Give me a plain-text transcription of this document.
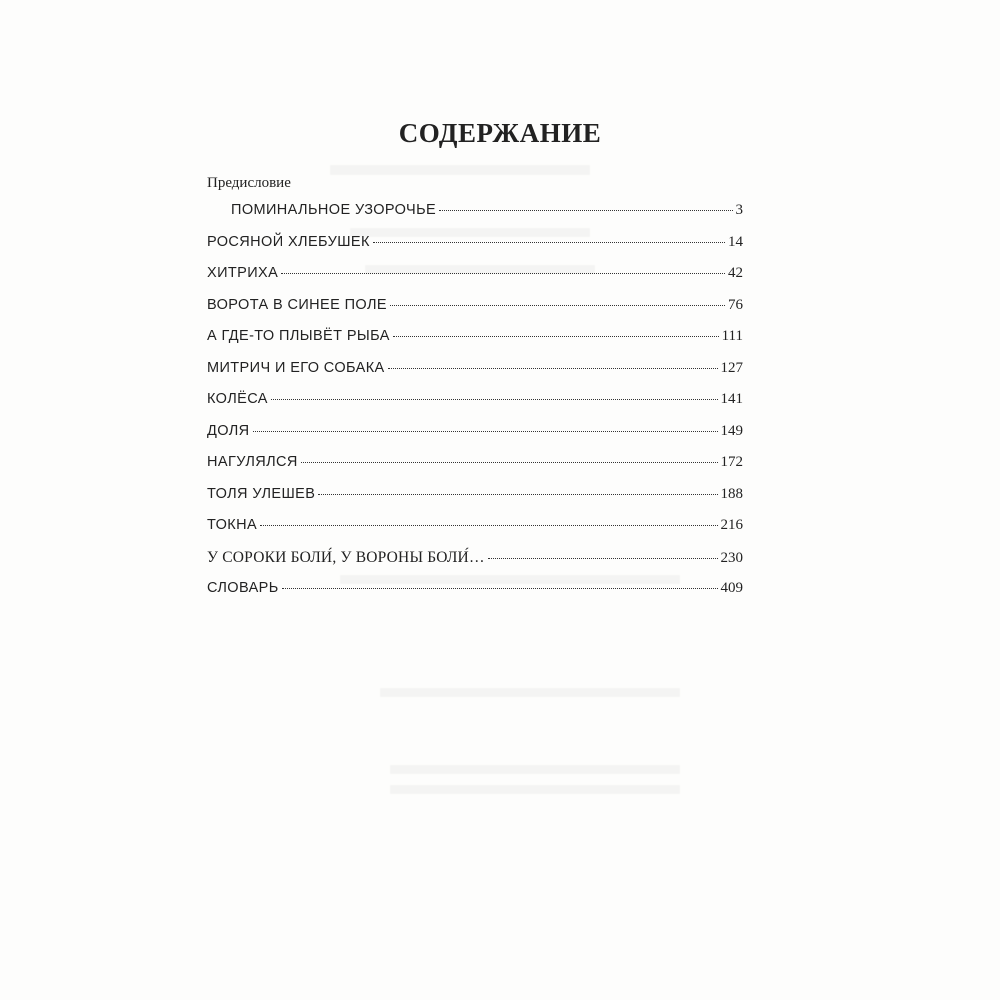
СОДЕРЖАНИЕ
Предисловие
ПОМИНАЛЬНОЕ УЗОРОЧЬЕ	3
РОСЯНОЙ ХЛЕБУШЕК	14
ХИТРИХА	42
ВОРОТА В СИНЕЕ ПОЛЕ	76
А ГДЕ-ТО ПЛЫВЁТ РЫБА	111
МИТРИЧ И ЕГО СОБАКА	127
КОЛЁСА	141
ДОЛЯ	149
НАГУЛЯЛСЯ	172
ТОЛЯ УЛЕШЕВ	188
ТОКНА	216
У СОРОКИ БОЛИ́, У ВОРОНЫ БОЛИ́…	230
СЛОВАРЬ	409
